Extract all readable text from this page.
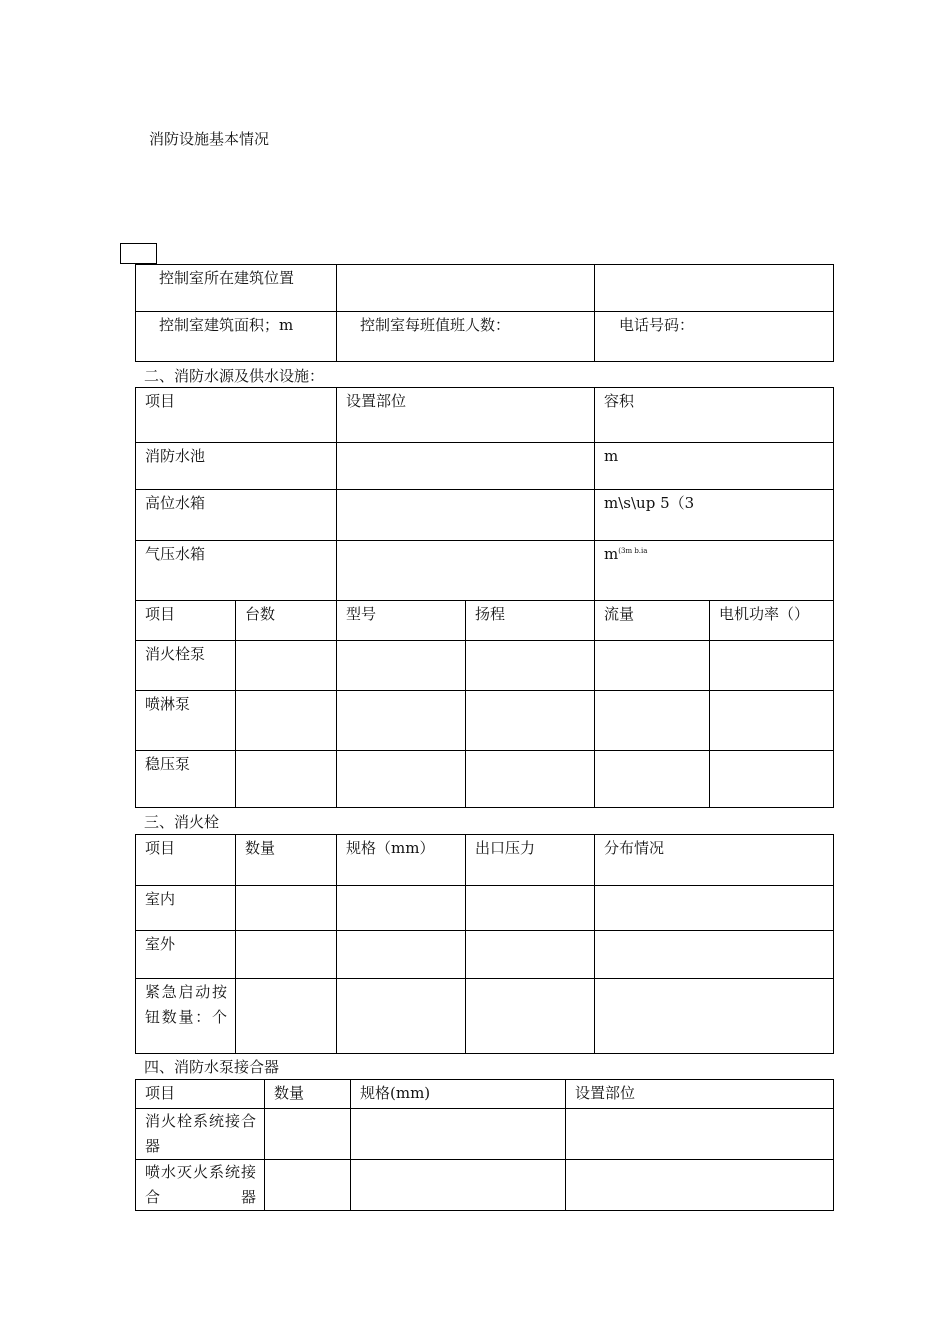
消防设施基本情况
控制室所在建筑位置		
控制室建筑面积；m	控制室每班值班人数：	电话号码：
二、消防水源及供水设施：
项目		设置部位		容积	
消防水池				m	
高位水箱				m\s\up 5（3	
气压水箱				$m^{(3m b.ia}$
项目	台数	型号	扬程	流量	电机功率（）
消火栓泵					
喷淋泵					
稳压泵					
三、消火栓
项目	数量	规格（mm）	出口压力	分布情况
室内				
室外				
紧急启动按钮数量：个				
四、消防水泵接合器
项目	数量	规格(mm)	设置部位
消火栓系统接合器			
喷水灭火系统接合器			
